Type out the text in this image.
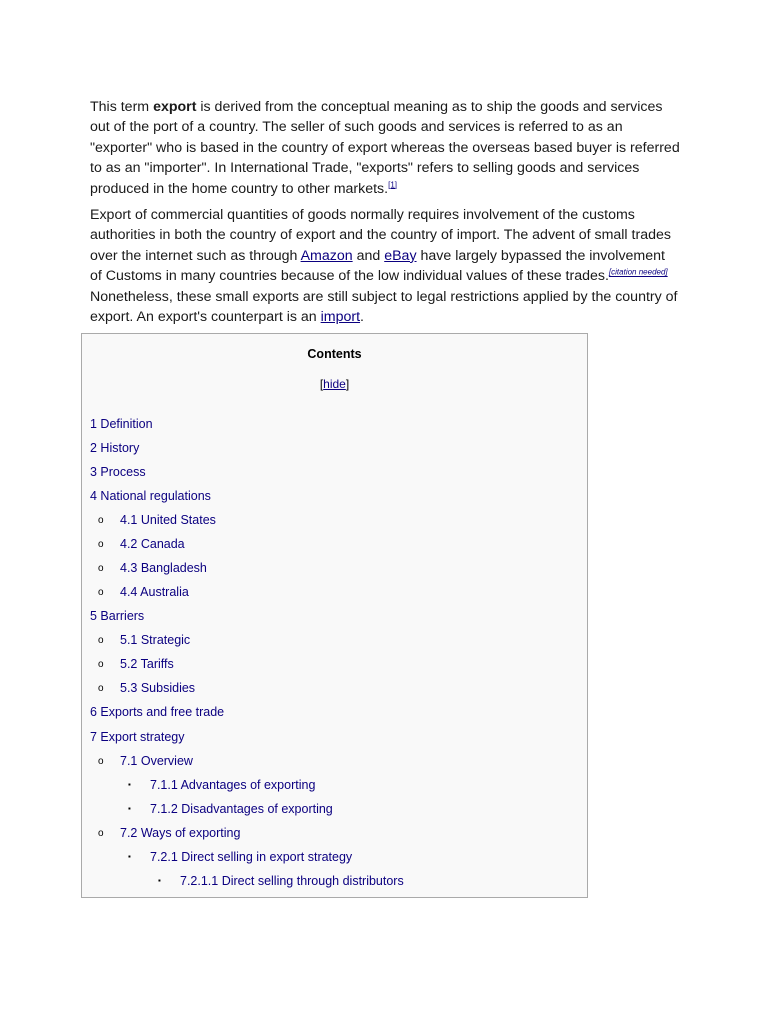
This term export is derived from the conceptual meaning as to ship the goods and services out of the port of a country. The seller of such goods and services is referred to as an "exporter" who is based in the country of export whereas the overseas based buyer is referred to as an "importer". In International Trade, "exports" refers to selling goods and services produced in the home country to other markets.[1]

Export of commercial quantities of goods normally requires involvement of the customs authorities in both the country of export and the country of import. The advent of small trades over the internet such as through Amazon and eBay have largely bypassed the involvement of Customs in many countries because of the low individual values of these trades.[citation needed] Nonetheless, these small exports are still subject to legal restrictions applied by the country of export. An export's counterpart is an import.

Contents
[hide]
1 Definition
2 History
3 Process
4 National regulations
o 4.1 United States
o 4.2 Canada
o 4.3 Bangladesh
o 4.4 Australia
5 Barriers
o 5.1 Strategic
o 5.2 Tariffs
o 5.3 Subsidies
6 Exports and free trade
7 Export strategy
o 7.1 Overview
▪ 7.1.1 Advantages of exporting
▪ 7.1.2 Disadvantages of exporting
o 7.2 Ways of exporting
▪ 7.2.1 Direct selling in export strategy
▪ 7.2.1.1 Direct selling through distributors
